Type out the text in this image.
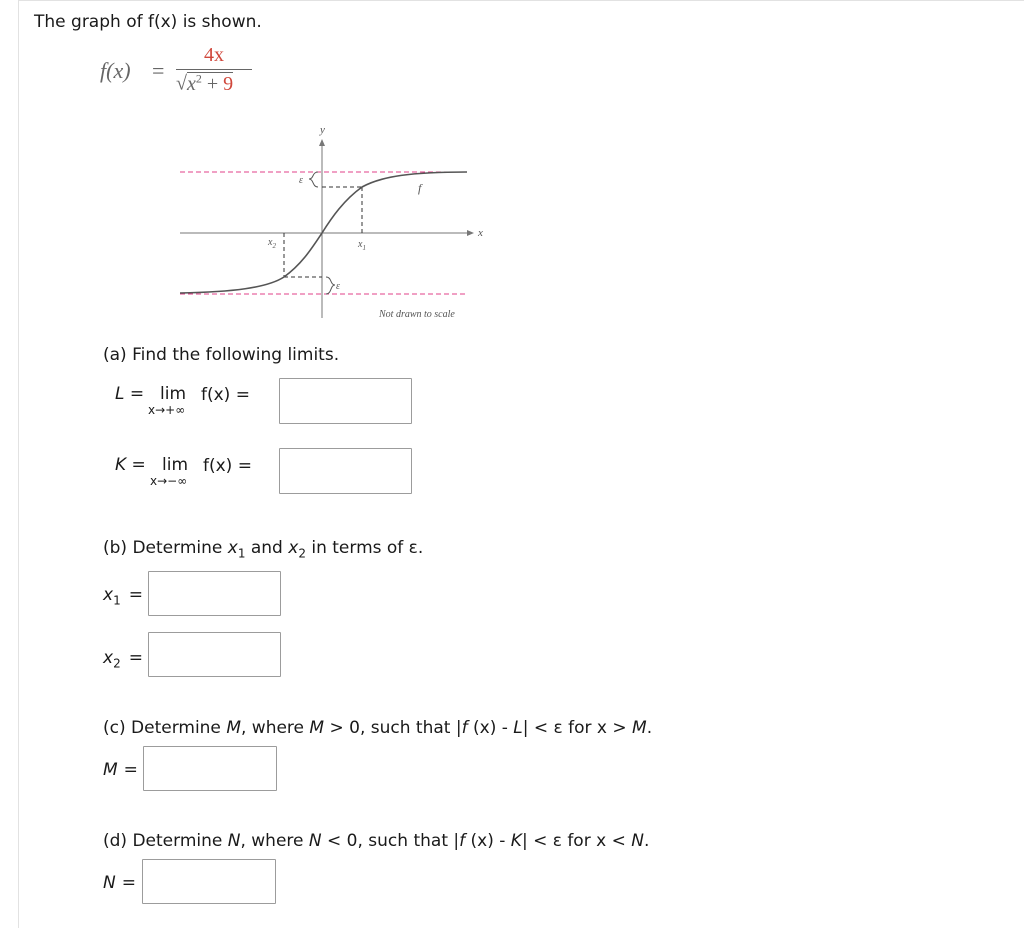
The graph of f(x) is shown.
f(x) =
4x
$√x^2 + 9$
y
x
f
ε
ε
$x_1$
$x_2$
Not drawn to scale
(a) Find the following limits.
L = lim
x→+∞
f(x) =
K = lim
x→−∞
f(x) =
(b) Determine $x_1$ and $x_2$ in terms of ε.
$x_1$ =
$x_2$ =
(c) Determine M, where M > 0, such that |f (x) - L| < ε for x > M.
M =
(d) Determine N, where N < 0, such that |f (x) - K| < ε for x < N.
N =
